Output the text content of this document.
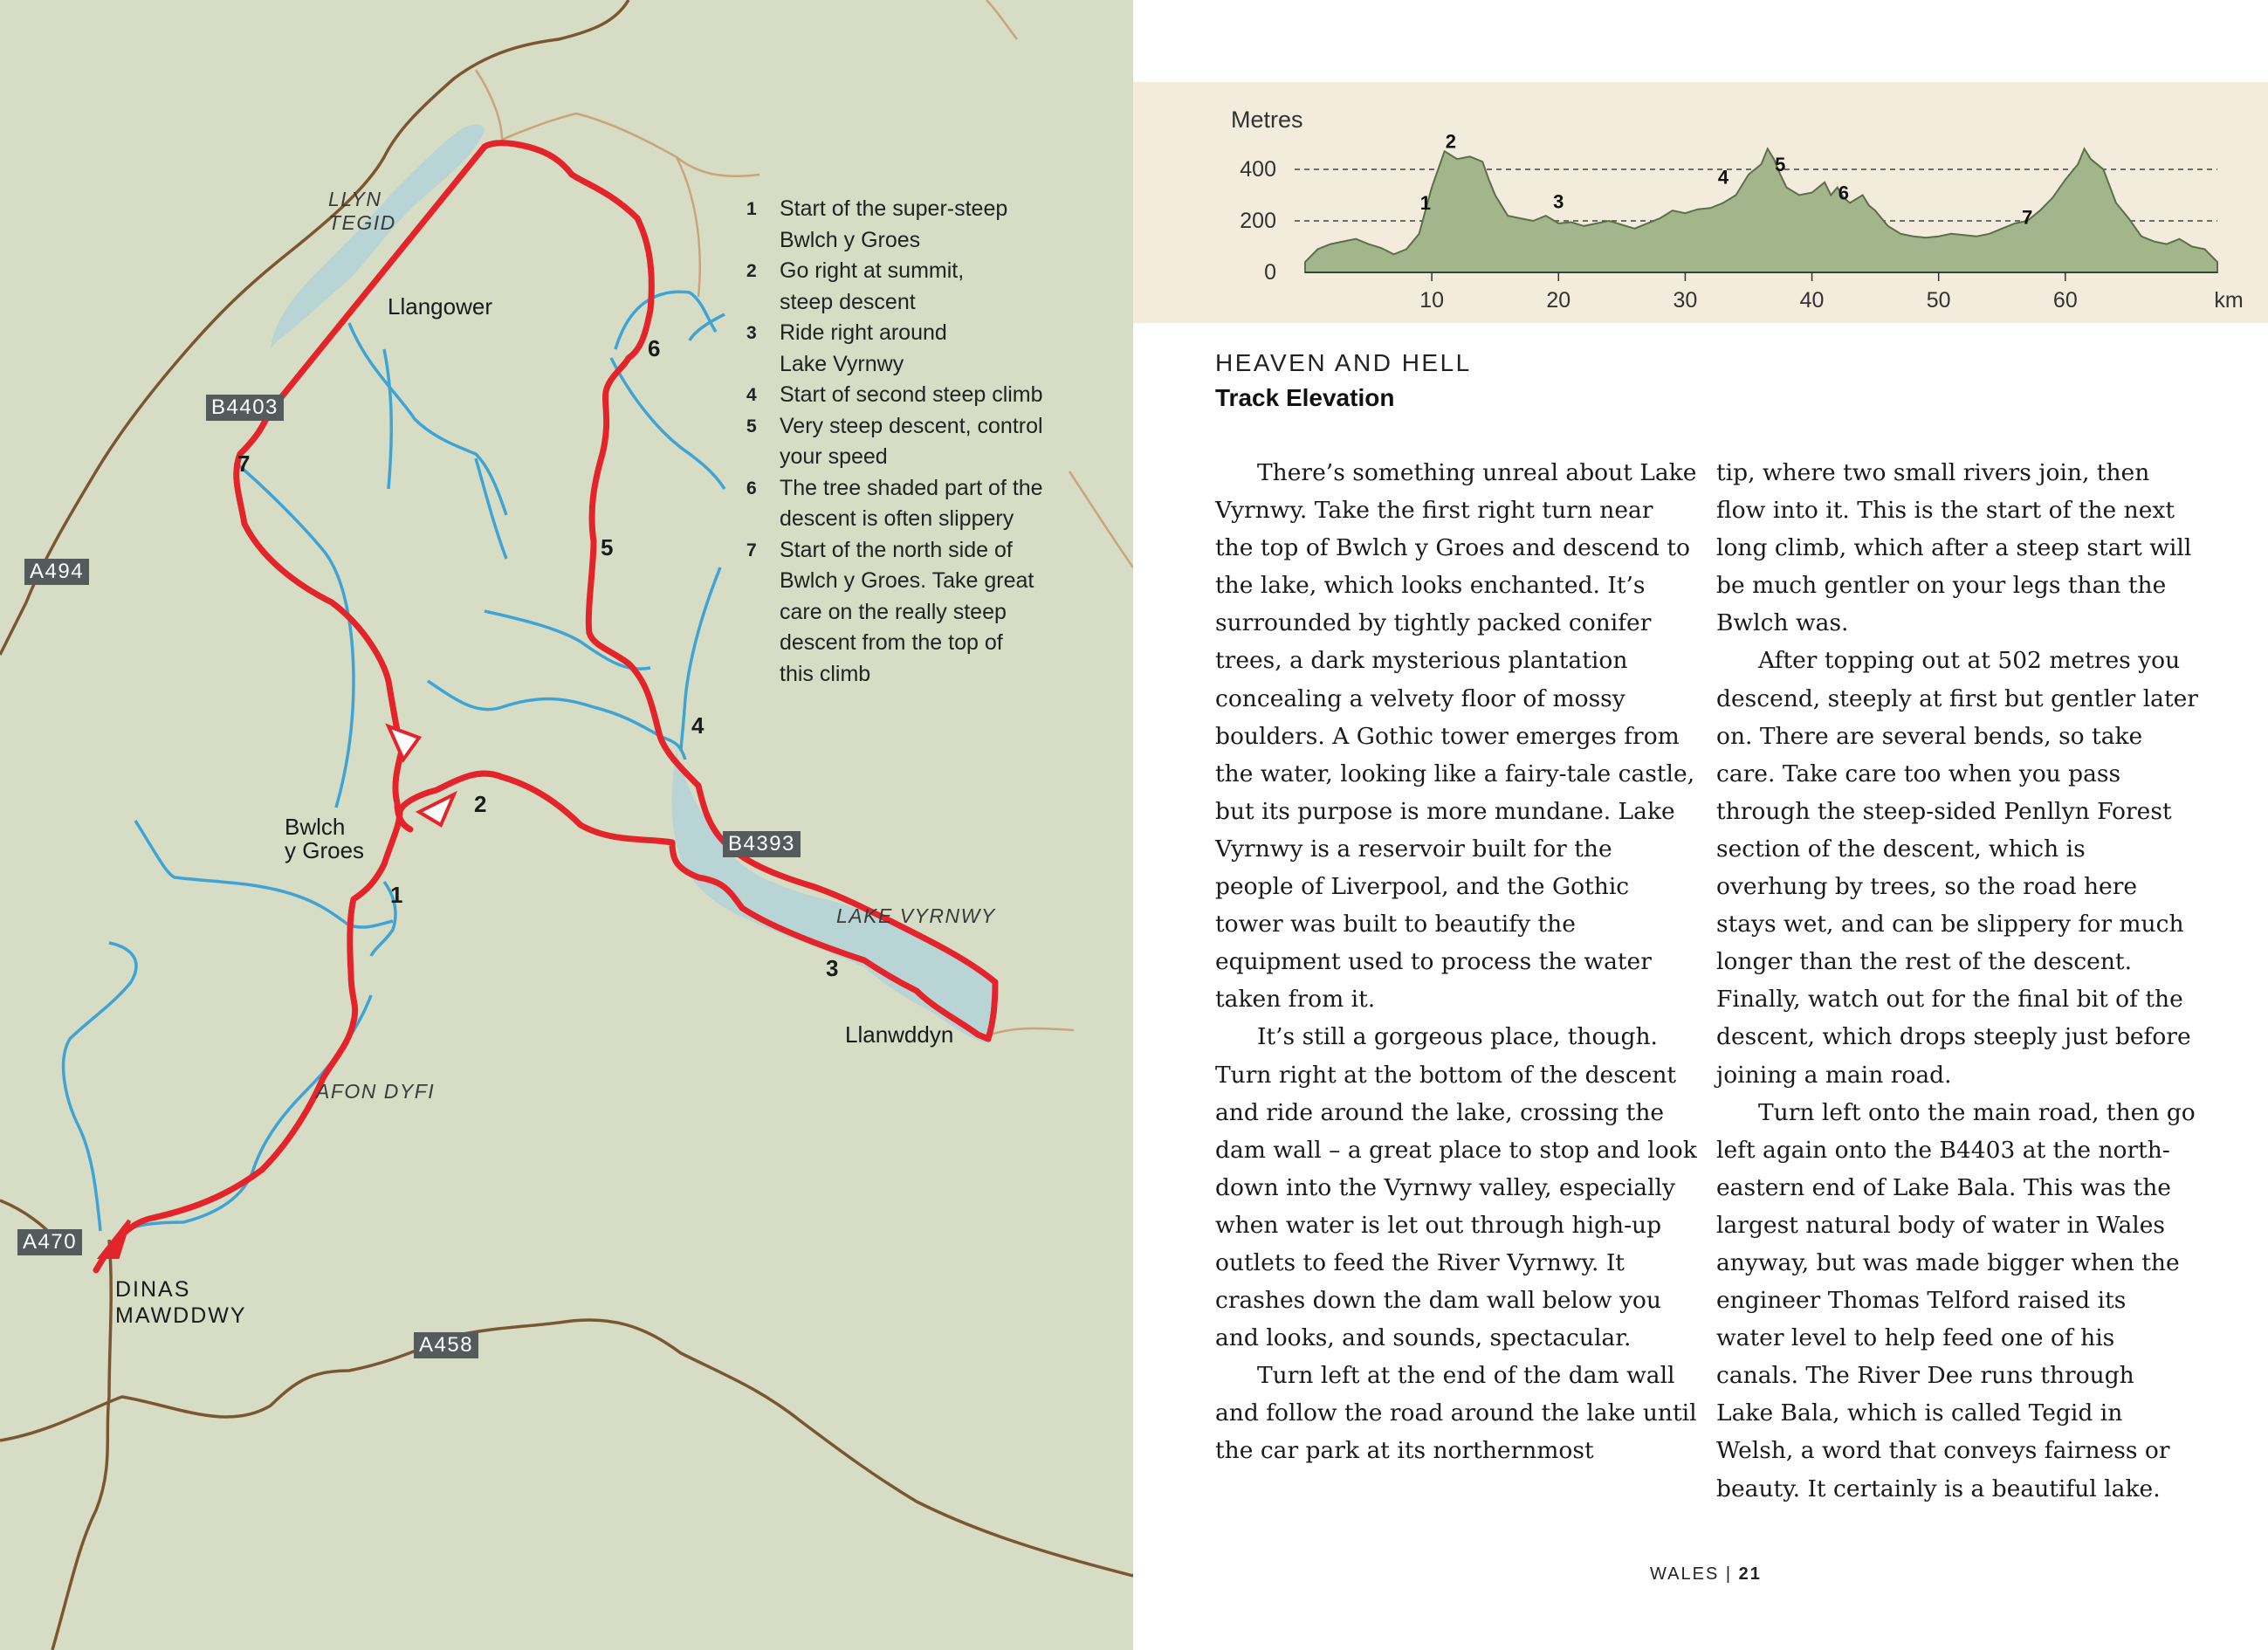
LLYN
TEGID
Llangower
Bwlch
y Groes
LAKE VYRNWY
Llanwddyn
AFON DYFI
DINAS
MAWDDWY
B4403
A494
B4393
A470
A458
1
2
3
4
5
6
7
1 Start of the super-steep
Bwlch y Groes
2 Go right at summit,
steep descent
3 Ride right around
Lake Vyrnwy
4 Start of second steep climb
5 Very steep descent, control
your speed
6 The tree shaded part of the
descent is often slippery
7 Start of the north side of
Bwlch y Groes. Take great
care on the really steep
descent from the top of
this climb
Metres
km
0
200
400
10	20	30	40	50	60
1
2
3
4
5
6
7
HEAVEN AND HELL
Track Elevation

There’s something unreal about Lake Vyrnwy. Take the first right turn near the top of Bwlch y Groes and descend to the lake, which looks enchanted. It’s surrounded by tightly packed conifer trees, a dark mysterious plantation concealing a velvety floor of mossy boulders. A Gothic tower emerges from the water, looking like a fairy-tale castle, but its purpose is more mundane. Lake Vyrnwy is a reservoir built for the people of Liverpool, and the Gothic tower was built to beautify the equipment used to process the water taken from it.

It’s still a gorgeous place, though. Turn right at the bottom of the descent and ride around the lake, crossing the dam wall – a great place to stop and look down into the Vyrnwy valley, especially when water is let out through high-up outlets to feed the River Vyrnwy. It crashes down the dam wall below you and looks, and sounds, spectacular.

Turn left at the end of the dam wall and follow the road around the lake until the car park at its northernmost

tip, where two small rivers join, then flow into it. This is the start of the next long climb, which after a steep start will be much gentler on your legs than the Bwlch was.

After topping out at 502 metres you descend, steeply at first but gentler later on. There are several bends, so take care. Take care too when you pass through the steep-sided Penllyn Forest section of the descent, which is overhung by trees, so the road here stays wet, and can be slippery for much longer than the rest of the descent. Finally, watch out for the final bit of the descent, which drops steeply just before joining a main road.

Turn left onto the main road, then go left again onto the B4403 at the north-eastern end of Lake Bala. This was the largest natural body of water in Wales anyway, but was made bigger when the engineer Thomas Telford raised its water level to help feed one of his canals. The River Dee runs through Lake Bala, which is called Tegid in Welsh, a word that conveys fairness or beauty. It certainly is a beautiful lake.

WALES | 21
